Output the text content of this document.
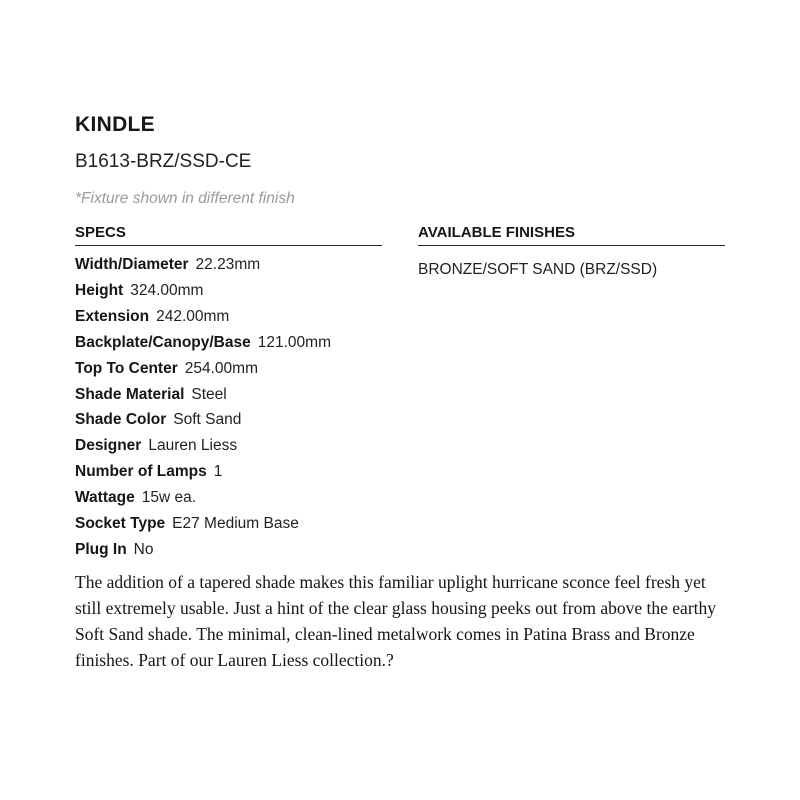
KINDLE
B1613-BRZ/SSD-CE
*Fixture shown in different finish
SPECS
Width/Diameter 22.23mm
Height 324.00mm
Extension 242.00mm
Backplate/Canopy/Base 121.00mm
Top To Center 254.00mm
Shade Material Steel
Shade Color Soft Sand
Designer Lauren Liess
Number of Lamps 1
Wattage 15w ea.
Socket Type E27 Medium Base
Plug In No
AVAILABLE FINISHES
BRONZE/SOFT SAND (BRZ/SSD)

The addition of a tapered shade makes this familiar uplight hurricane sconce feel fresh yet still extremely usable. Just a hint of the clear glass housing peeks out from above the earthy Soft Sand shade. The minimal, clean-lined metalwork comes in Patina Brass and Bronze finishes. Part of our Lauren Liess collection.?
